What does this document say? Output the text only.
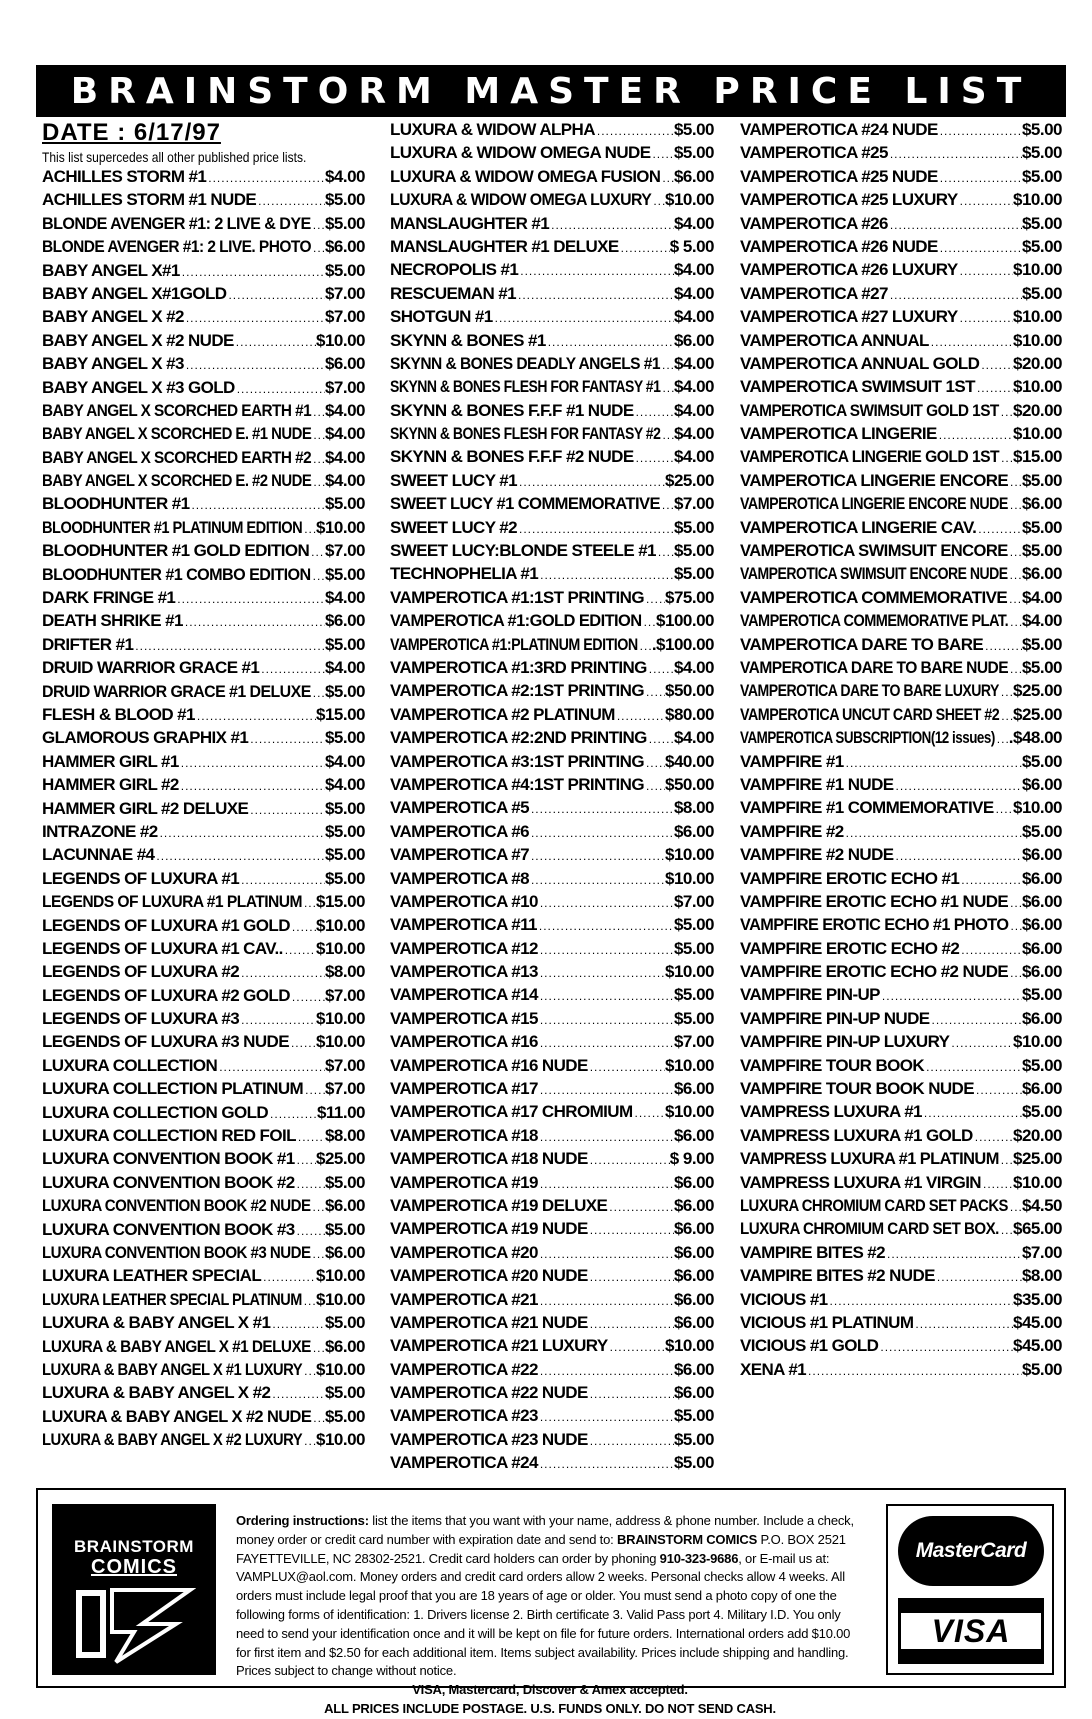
BRAINSTORM MASTER PRICE LIST
DATE : 6/17/97
This list supercedes all other published price lists.
ACHILLES STORM #1 .....	$4.00
ACHILLES STORM #1 NUDE .....	$5.00
BLONDE AVENGER #1: 2 LIVE & DYE ..... $5.00
BLONDE AVENGER #1: 2 LIVE. PHOTO ..... $6.00
BABY ANGEL X#1 .....	$5.00
BABY ANGEL X#1GOLD .....	$7.00
BABY ANGEL X #2 .....	$7.00
BABY ANGEL X #2 NUDE .....	$10.00
BABY ANGEL X #3 .....	$6.00
BABY ANGEL X #3 GOLD .....	$7.00
BABY ANGEL X SCORCHED EARTH #1 ..... $4.00
BABY ANGEL X SCORCHED E. #1 NUDE ..... $4.00
BABY ANGEL X SCORCHED EARTH #2 ..... $4.00
BABY ANGEL X SCORCHED E. #2 NUDE ..... $4.00
BLOODHUNTER #1 .....	$5.00
BLOODHUNTER #1 PLATINUM EDITION ..... $10.00
BLOODHUNTER #1 GOLD EDITION ..... $7.00
BLOODHUNTER #1 COMBO EDITION ..... $5.00
DARK FRINGE #1 .....	$4.00
DEATH SHRIKE #1 .....	$6.00
DRIFTER #1 .....	$5.00
DRUID WARRIOR GRACE #1 .....	$4.00
DRUID WARRIOR GRACE #1 DELUXE ..... $5.00
FLESH & BLOOD #1 .....	$15.00
GLAMOROUS GRAPHIX #1 .....	$5.00
HAMMER GIRL #1 .....	$4.00
HAMMER GIRL #2 .....	$4.00
HAMMER GIRL #2 DELUXE .....	$5.00
INTRAZONE #2 .....	$5.00
LACUNNAE #4 .....	$5.00
LEGENDS OF LUXURA #1 .....	$5.00
LEGENDS OF LUXURA #1 PLATINUM ..... $15.00
LEGENDS OF LUXURA #1 GOLD ..... $10.00
LEGENDS OF LUXURA #1 CAV.. ..... $10.00
LEGENDS OF LUXURA #2 .....	$8.00
LEGENDS OF LUXURA #2 GOLD ..... $7.00
LEGENDS OF LUXURA #3 .....	$10.00
LEGENDS OF LUXURA #3 NUDE ..... $10.00
LUXURA COLLECTION .....	$7.00
LUXURA COLLECTION PLATINUM ..... $7.00
LUXURA COLLECTION GOLD .....	$11.00
LUXURA COLLECTION RED FOIL ..... $8.00
LUXURA CONVENTION BOOK #1 ..... $25.00
LUXURA CONVENTION BOOK #2 ..... $5.00
LUXURA CONVENTION BOOK #2 NUDE ..... $6.00
LUXURA CONVENTION BOOK #3 ..... $5.00
LUXURA CONVENTION BOOK #3 NUDE ..... $6.00
LUXURA LEATHER SPECIAL .....	$10.00
LUXURA LEATHER SPECIAL PLATINUM ..... $10.00
LUXURA & BABY ANGEL X #1 .....	$5.00
LUXURA & BABY ANGEL X #1 DELUXE ..... $6.00
LUXURA & BABY ANGEL X #1 LUXURY ..... $10.00
LUXURA & BABY ANGEL X #2 .....	$5.00
LUXURA & BABY ANGEL X #2 NUDE ..... $5.00
LUXURA & BABY ANGEL X #2 LUXURY ..... $10.00
LUXURA & WIDOW ALPHA .....	$5.00
LUXURA & WIDOW OMEGA NUDE ..... $5.00
LUXURA & WIDOW OMEGA FUSION ..... $6.00
LUXURA & WIDOW OMEGA LUXURY ..... $10.00
MANSLAUGHTER #1 .....	$4.00
MANSLAUGHTER #1 DELUXE .....	$ 5.00
NECROPOLIS #1 .....	$4.00
RESCUEMAN #1 .....	$4.00
SHOTGUN #1 .....	$4.00
SKYNN & BONES #1 .....	$6.00
SKYNN & BONES DEADLY ANGELS #1 ..... $4.00
SKYNN & BONES FLESH FOR FANTASY #1 ..... $4.00
SKYNN & BONES F.F.F #1 NUDE ..... $4.00
SKYNN & BONES FLESH FOR FANTASY #2 ..... $4.00
SKYNN & BONES F.F.F #2 NUDE ..... $4.00
SWEET LUCY #1 .....	$25.00
SWEET LUCY #1 COMMEMORATIVE ..... $7.00
SWEET LUCY #2 .....	$5.00
SWEET LUCY:BLONDE STEELE #1 ..... $5.00
TECHNOPHELIA #1 .....	$5.00
VAMPEROTICA #1:1ST PRINTING ..... $75.00
VAMPEROTICA #1:GOLD EDITION ..... $100.00
VAMPEROTICA #1:PLATINUM EDITION ..... .$100.00
VAMPEROTICA #1:3RD PRINTING ..... $4.00
VAMPEROTICA #2:1ST PRINTING ..... $50.00
VAMPEROTICA #2 PLATINUM .....	$80.00
VAMPEROTICA #2:2ND PRINTING ..... $4.00
VAMPEROTICA #3:1ST PRINTING ..... $40.00
VAMPEROTICA #4:1ST PRINTING ..... $50.00
VAMPEROTICA #5 .....	$8.00
VAMPEROTICA #6 .....	$6.00
VAMPEROTICA #7 .....	$10.00
VAMPEROTICA #8 .....	$10.00
VAMPEROTICA #10 .....	$7.00
VAMPEROTICA #11 .....	$5.00
VAMPEROTICA #12 .....	$5.00
VAMPEROTICA #13 .....	$10.00
VAMPEROTICA #14 .....	$5.00
VAMPEROTICA #15 .....	$5.00
VAMPEROTICA #16 .....	$7.00
VAMPEROTICA #16 NUDE .....	$10.00
VAMPEROTICA #17 .....	$6.00
VAMPEROTICA #17 CHROMIUM ..... $10.00
VAMPEROTICA #18 .....	$6.00
VAMPEROTICA #18 NUDE .....	$ 9.00
VAMPEROTICA #19 .....	$6.00
VAMPEROTICA #19 DELUXE .....	$6.00
VAMPEROTICA #19 NUDE .....	$6.00
VAMPEROTICA #20 .....	$6.00
VAMPEROTICA #20 NUDE .....	$6.00
VAMPEROTICA #21 .....	$6.00
VAMPEROTICA #21 NUDE .....	$6.00
VAMPEROTICA #21 LUXURY .....	$10.00
VAMPEROTICA #22 .....	$6.00
VAMPEROTICA #22 NUDE .....	$6.00
VAMPEROTICA #23 .....	$5.00
VAMPEROTICA #23 NUDE .....	$5.00
VAMPEROTICA #24 .....	$5.00
VAMPEROTICA #24 NUDE .....	$5.00
VAMPEROTICA #25 .....	$5.00
VAMPEROTICA #25 NUDE .....	$5.00
VAMPEROTICA #25 LUXURY .....	$10.00
VAMPEROTICA #26 .....	$5.00
VAMPEROTICA #26 NUDE .....	$5.00
VAMPEROTICA #26 LUXURY .....	$10.00
VAMPEROTICA #27 .....	$5.00
VAMPEROTICA #27 LUXURY .....	$10.00
VAMPEROTICA ANNUAL .....	$10.00
VAMPEROTICA ANNUAL GOLD ..... $20.00
VAMPEROTICA SWIMSUIT 1ST ..... $10.00
VAMPEROTICA SWIMSUIT GOLD 1ST ..... $20.00
VAMPEROTICA LINGERIE .....	$10.00
VAMPEROTICA LINGERIE GOLD 1ST ..... $15.00
VAMPEROTICA LINGERIE ENCORE ..... $5.00
VAMPEROTICA LINGERIE ENCORE NUDE ..... $6.00
VAMPEROTICA LINGERIE CAV. .....	$5.00
VAMPEROTICA SWIMSUIT ENCORE ..... $5.00
VAMPEROTICA SWIMSUIT ENCORE NUDE ..... $6.00
VAMPEROTICA COMMEMORATIVE ..... $4.00
VAMPEROTICA COMMEMORATIVE PLAT. ..... $4.00
VAMPEROTICA DARE TO BARE ..... $5.00
VAMPEROTICA DARE TO BARE NUDE ..... $5.00
VAMPEROTICA DARE TO BARE LUXURY ..... $25.00
VAMPEROTICA UNCUT CARD SHEET #2 ..... $25.00
VAMPEROTICA SUBSCRIPTION(12 issues) ..... .$48.00
VAMPFIRE #1 .....	$5.00
VAMPFIRE #1 NUDE .....	$6.00
VAMPFIRE #1 COMMEMORATIVE ..... $10.00
VAMPFIRE #2 .....	$5.00
VAMPFIRE #2 NUDE .....	$6.00
VAMPFIRE EROTIC ECHO #1 .....	$6.00
VAMPFIRE EROTIC ECHO #1 NUDE ..... $6.00
VAMPFIRE EROTIC ECHO #1 PHOTO ..... $6.00
VAMPFIRE EROTIC ECHO #2 .....	$6.00
VAMPFIRE EROTIC ECHO #2 NUDE ..... $6.00
VAMPFIRE PIN-UP .....	$5.00
VAMPFIRE PIN-UP NUDE .....	$6.00
VAMPFIRE PIN-UP LUXURY .....	$10.00
VAMPFIRE TOUR BOOK .....	$5.00
VAMPFIRE TOUR BOOK NUDE .....	$6.00
VAMPRESS LUXURA #1 .....	$5.00
VAMPRESS LUXURA #1 GOLD ..... $20.00
VAMPRESS LUXURA #1 PLATINUM ..... $25.00
VAMPRESS LUXURA #1 VIRGIN ..... $10.00
LUXURA CHROMIUM CARD SET PACKS ..... $4.50
LUXURA CHROMIUM CARD SET BOX. ..... $65.00
VAMPIRE BITES #2 .....	$7.00
VAMPIRE BITES #2 NUDE .....	$8.00
VICIOUS #1 .....	$35.00
VICIOUS #1 PLATINUM .....	$45.00
VICIOUS #1 GOLD .....	$45.00
XENA #1 .....	$5.00
BRAINSTORM
COMICS
Ordering instructions: list the items that you want with your name, address & phone number. Include a check, money order or credit card number with expiration date and send to: BRAINSTORM COMICS P.O. BOX 2521 FAYETTEVILLE, NC 28302-2521. Credit card holders can order by phoning 910-323-9686, or E-mail us at: VAMPLUX@aol.com. Money orders and credit card orders allow 2 weeks. Personal checks allow 4 weeks. All orders must include legal proof that you are 18 years of age or older. You must send a photo copy of one the following forms of identification: 1. Drivers license 2. Birth certificate 3. Valid Pass port 4. Military I.D. You only need to send your identification once and it will be kept on file for future orders. International orders add $10.00 for first item and $2.50 for each additional item. Items subject availability. Prices include shipping and handling. Prices subject to change without notice.
VISA, Mastercard, Discover & Amex accepted.
ALL PRICES INCLUDE POSTAGE. U.S. FUNDS ONLY. DO NOT SEND CASH.
MasterCard
VISA
